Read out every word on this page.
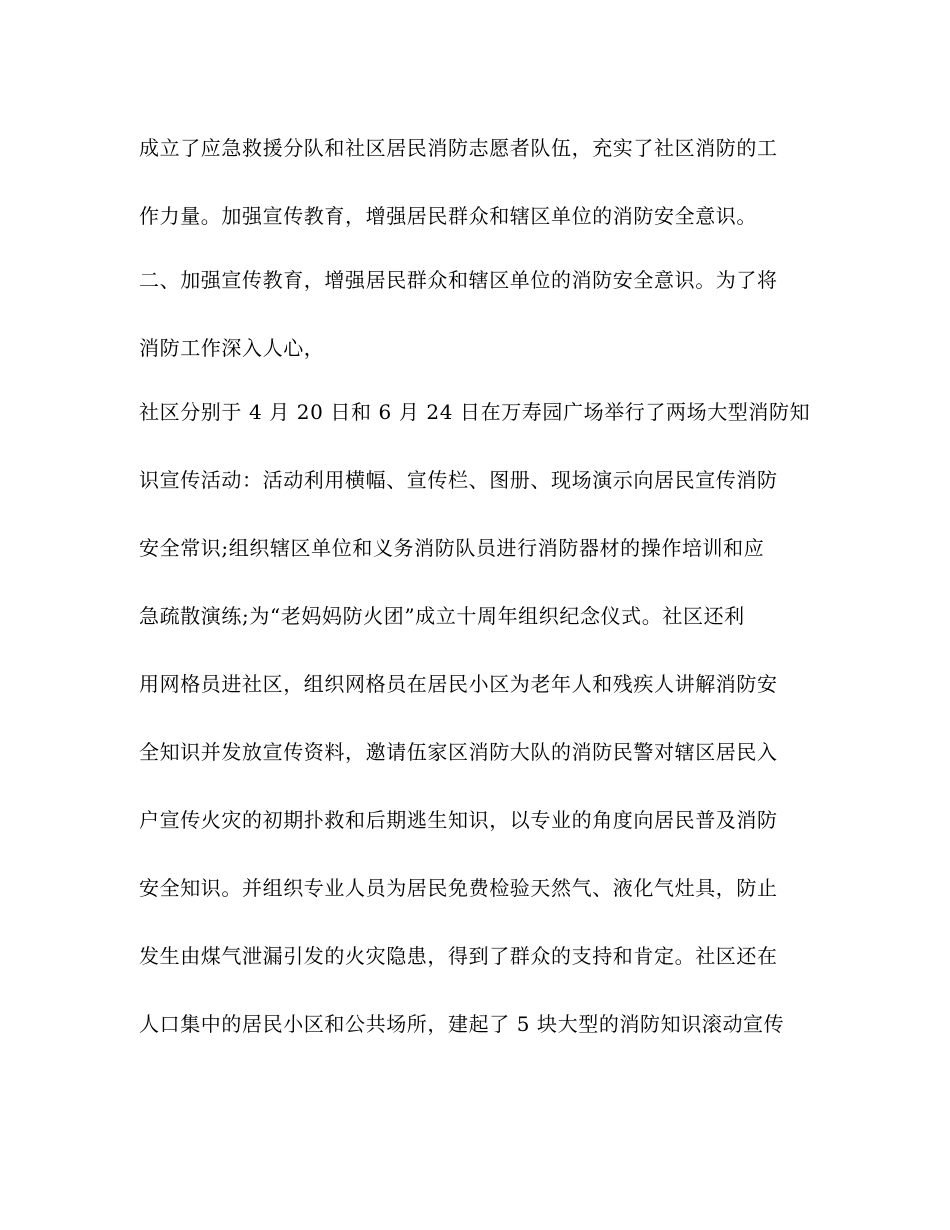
成立了应急救援分队和社区居民消防志愿者队伍，充实了社区消防的工
作力量。加强宣传教育，增强居民群众和辖区单位的消防安全意识。
二、加强宣传教育，增强居民群众和辖区单位的消防安全意识。为了将
消防工作深入人心，
社区分别于 4 月 20 日和 6 月 24 日在万寿园广场举行了两场大型消防知
识宣传活动：活动利用横幅、宣传栏、图册、现场演示向居民宣传消防
安全常识;组织辖区单位和义务消防队员进行消防器材的操作培训和应
急疏散演练;为“老妈妈防火团”成立十周年组织纪念仪式。社区还利
用网格员进社区，组织网格员在居民小区为老年人和残疾人讲解消防安
全知识并发放宣传资料，邀请伍家区消防大队的消防民警对辖区居民入
户宣传火灾的初期扑救和后期逃生知识，以专业的角度向居民普及消防
安全知识。并组织专业人员为居民免费检验天然气、液化气灶具，防止
发生由煤气泄漏引发的火灾隐患，得到了群众的支持和肯定。社区还在
人口集中的居民小区和公共场所，建起了 5 块大型的消防知识滚动宣传
